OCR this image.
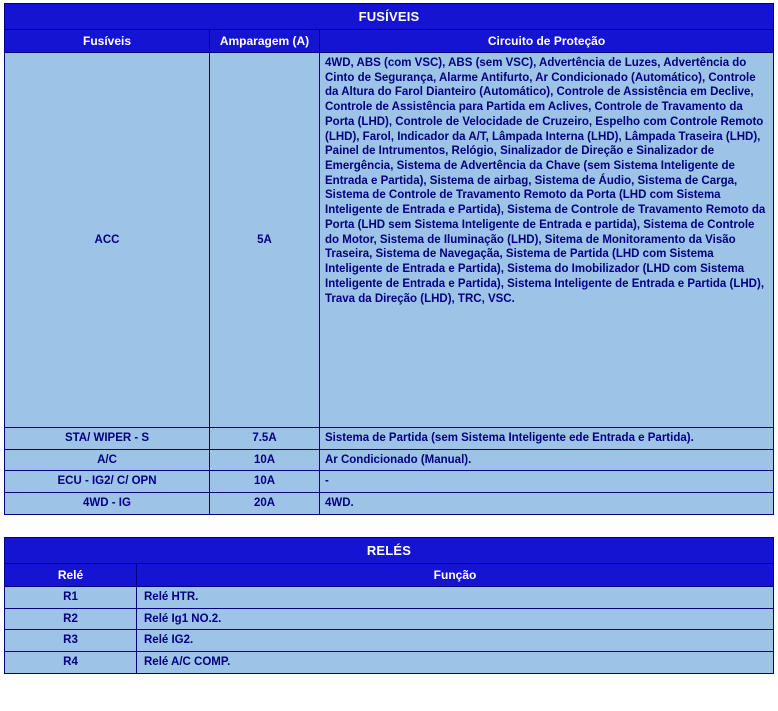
FUSÍVEIS		
Fusíveis	Amparagem (A)	Circuito de Proteção
ACC	5A	4WD, ABS (com VSC), ABS (sem VSC), Advertência de Luzes, Advertência do Cinto de Segurança, Alarme Antifurto, Ar Condicionado (Automático), Controle da Altura do Farol Dianteiro (Automático), Controle de Assistência em Declive, Controle de Assistência para Partida em Aclives, Controle de Travamento da Porta (LHD), Controle de Velocidade de Cruzeiro, Espelho com Controle Remoto (LHD), Farol, Indicador da A/T, Lâmpada Interna (LHD), Lâmpada Traseira (LHD), Painel de Intrumentos, Relógio, Sinalizador de Direção e Sinalizador de Emergência, Sistema de Advertência da Chave (sem Sistema Inteligente de Entrada e Partida), Sistema de airbag, Sistema de Áudio, Sistema de Carga, Sistema de Controle de Travamento Remoto da Porta (LHD com Sistema Inteligente de Entrada e Partida), Sistema de Controle de Travamento Remoto da Porta (LHD sem Sistema Inteligente de Entrada e partida), Sistema de Controle do Motor, Sistema de Iluminação (LHD), Sitema de Monitoramento da Visão Traseira, Sistema de Navegaçãa, Sistema de Partida (LHD com Sistema Inteligente de Entrada e Partida), Sistema do Imobilizador (LHD com Sistema Inteligente de Entrada e Partida), Sistema Inteligente de Entrada e Partida (LHD), Trava da Direção (LHD), TRC, VSC.
STA/ WIPER - S	7.5A	Sistema de Partida (sem Sistema Inteligente ede Entrada e Partida).
A/C	10A	Ar Condicionado (Manual).
ECU - IG2/ C/ OPN	10A	-
4WD - IG	20A	4WD.
RELÉS	
Relé	Função
R1	Relé HTR.
R2	Relé Ig1 NO.2.
R3	Relé IG2.
R4	Relé A/C COMP.
